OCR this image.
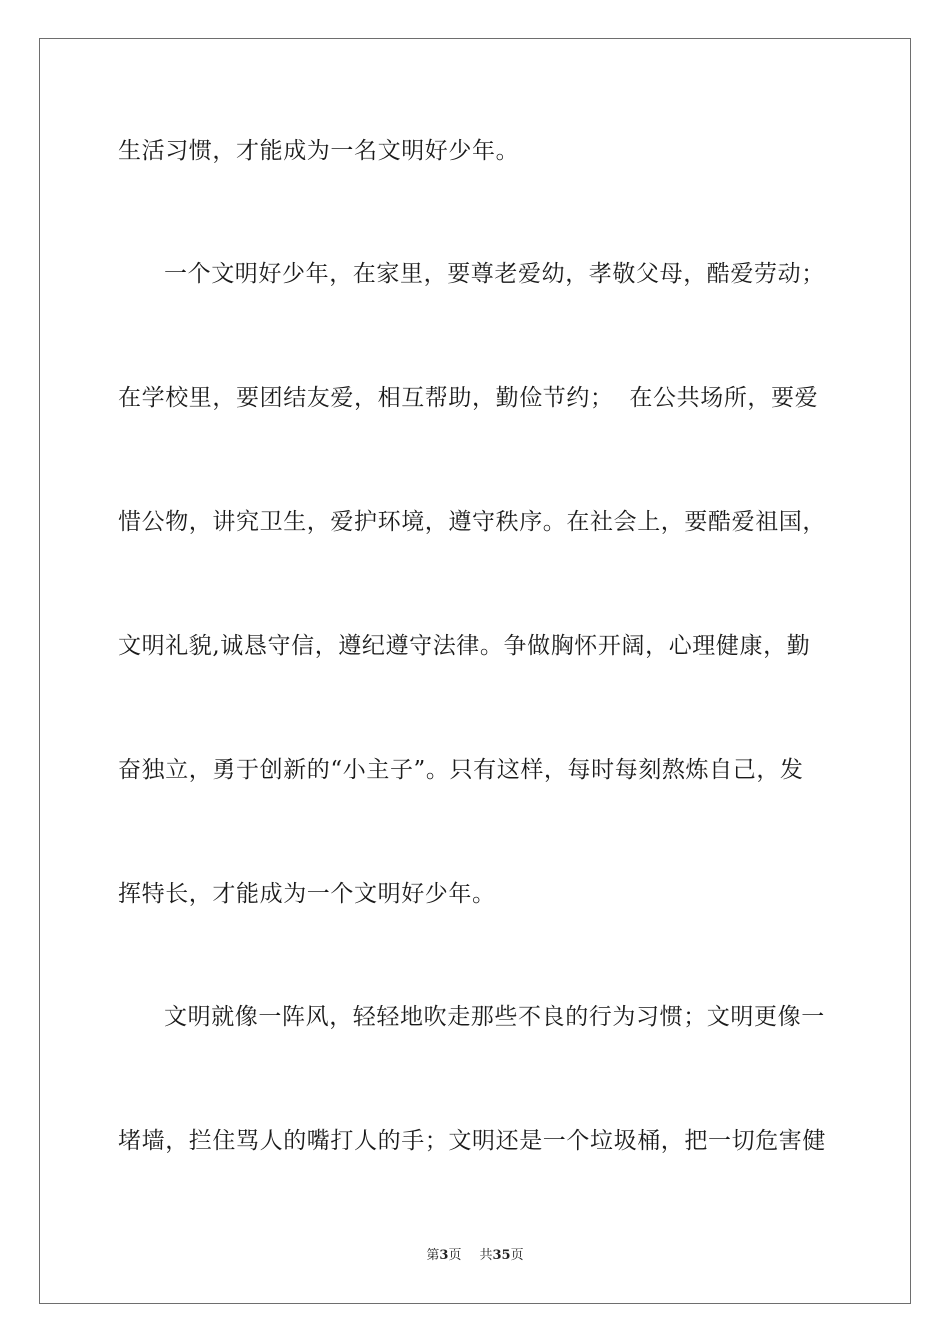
生活习惯，才能成为一名文明好少年。
一个文明好少年，在家里，要尊老爱幼，孝敬父母，酷爱劳动；
在学校里，要团结友爱，相互帮助，勤俭节约；  在公共场所，要爱
惜公物，讲究卫生，爱护环境，遵守秩序。在社会上，要酷爱祖国，
文明礼貌,诚恳守信，遵纪遵守法律。争做胸怀开阔，心理健康，勤
奋独立，勇于创新的“小主子”。只有这样，每时每刻熬炼自己，发
挥特长，才能成为一个文明好少年。
文明就像一阵风，轻轻地吹走那些不良的行为习惯；文明更像一
堵墙，拦住骂人的嘴打人的手；文明还是一个垃圾桶，把一切危害健
第3页 共35页
